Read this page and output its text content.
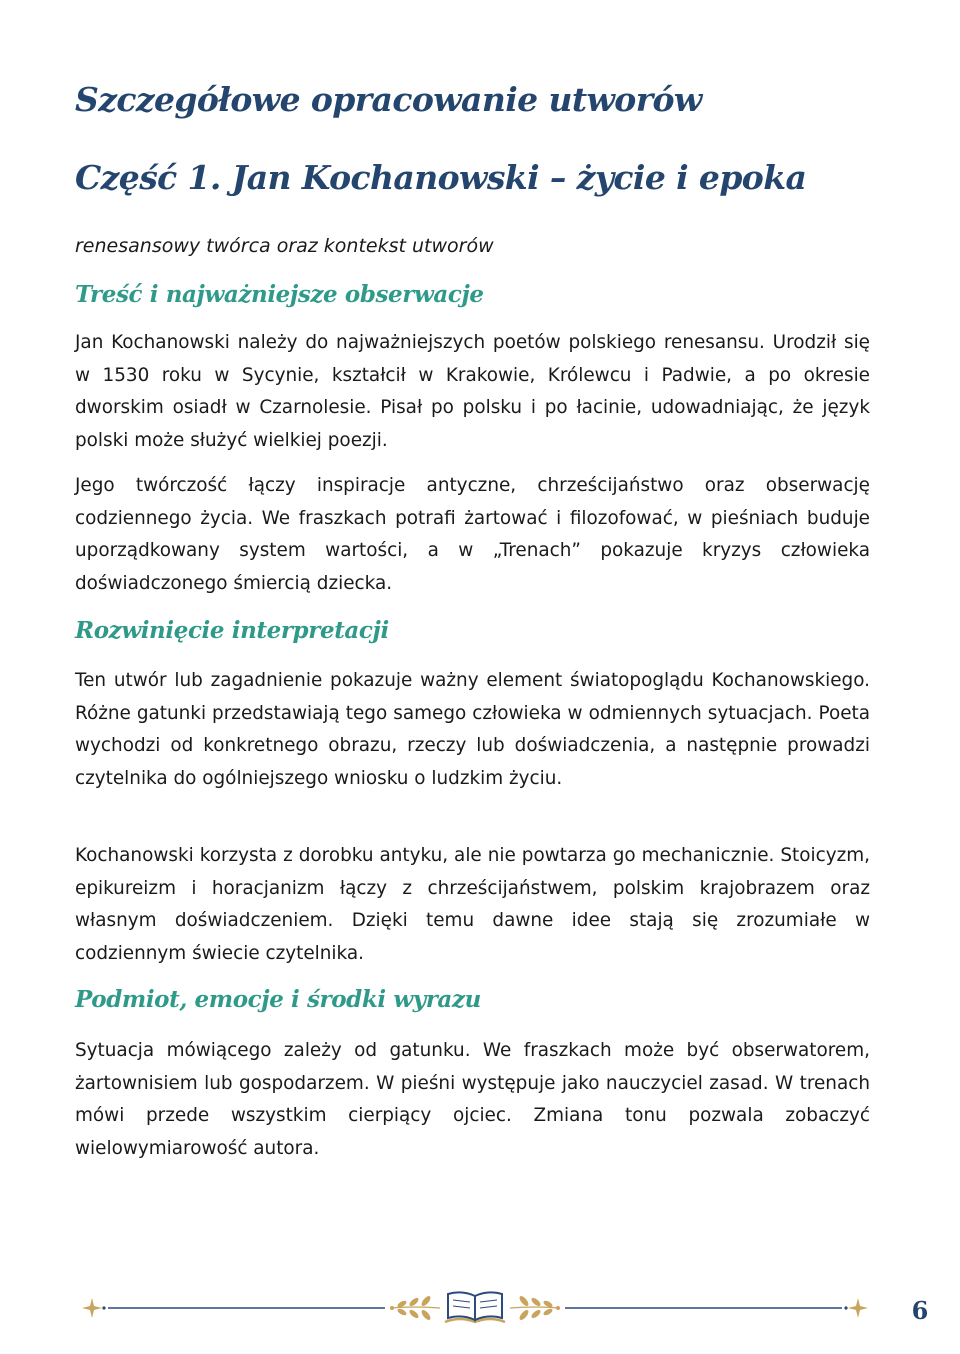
Szczegółowe opracowanie utworów
Część 1. Jan Kochanowski – życie i epoka

renesansowy twórca oraz kontekst utworów

Treść i najważniejsze obserwacje

Jan Kochanowski należy do najważniejszych poetów polskiego renesansu. Urodził się w 1530 roku w Sycynie, kształcił w Krakowie, Królewcu i Padwie, a po okresie dworskim osiadł w Czarnolesie. Pisał po polsku i po łacinie, udowadniając, że język polski może służyć wielkiej poezji.

Jego twórczość łączy inspiracje antyczne, chrześcijaństwo oraz obserwację codziennego życia. We fraszkach potrafi żartować i filozofować, w pieśniach buduje uporządkowany system wartości, a w „Trenach” pokazuje kryzys człowieka doświadczonego śmiercią dziecka.

Rozwinięcie interpretacji

Ten utwór lub zagadnienie pokazuje ważny element światopoglądu Kochanowskiego. Różne gatunki przedstawiają tego samego człowieka w odmiennych sytuacjach. Poeta wychodzi od konkretnego obrazu, rzeczy lub doświadczenia, a następnie prowadzi czytelnika do ogólniejszego wniosku o ludzkim życiu.

Kochanowski korzysta z dorobku antyku, ale nie powtarza go mechanicznie. Stoicyzm, epikureizm i horacjanizm łączy z chrześcijaństwem, polskim krajobrazem oraz własnym doświadczeniem. Dzięki temu dawne idee stają się zrozumiałe w codziennym świecie czytelnika.

Podmiot, emocje i środki wyrazu

Sytuacja mówiącego zależy od gatunku. We fraszkach może być obserwatorem, żartownisiem lub gospodarzem. W pieśni występuje jako nauczyciel zasad. W trenach mówi przede wszystkim cierpiący ojciec. Zmiana tonu pozwala zobaczyć wielowymiarowość autora.

6
